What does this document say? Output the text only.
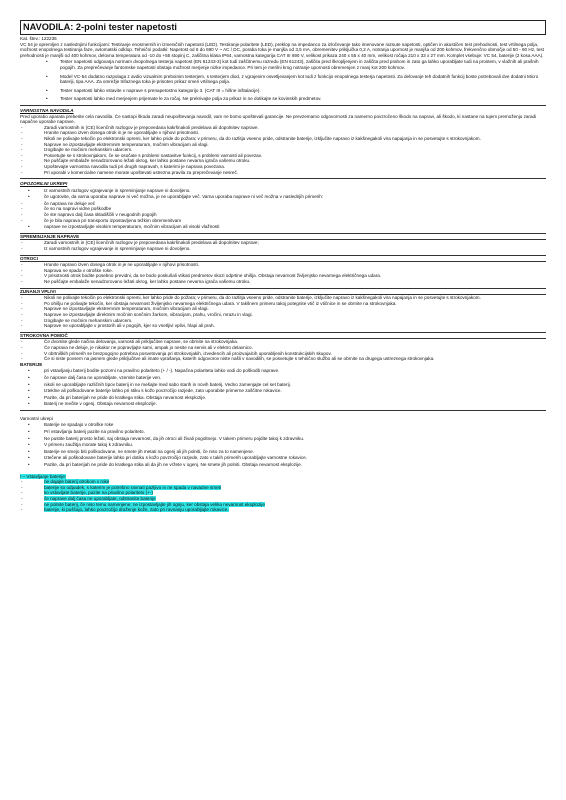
NAVODILA: 2-polni tester napetosti

Kat. štev.: 122235

VC 54 je opremljen z naslednjimi funkcijami: Testiranje enosmernih in izmeničnih napetosti (LED). Testiranje polaritete (LED), preklop na impedanco za izločevanje tako imenovane razsute napetosti, optičen in akustičen test prehodnosti, test vrtilnega polja, možnost enopolnega testiranja faze, avtomatski odklop. Tehnični podatki: Napetost od 6 do 690 V ~ AC / DC, poraba toka je manjša od 3,5 mA, obremenitev priključka 0,2 A, notranja upornost je manjša od 200 kohmov, frekvenčno območje od 50 - 60 Hz, test prehodnosti je manjši od 400 kohmov, delovna temperatura od -10 do +55 stopinj C, zaščitna klasa IP64, varnostna kategorija CAT III 690 V, velikost prikaza 240 x 55 x 40 mm, velikost ročaja 210 x 33 x 27 mm. Komplet vsebuje: VC 54, baterije (2 kosa AAA).

• Tester napetosti odgovarja normam dvopolnega testerja napetost (EN 61243-3) kot tudi zaščitnemu razredu (EN 61243), zaščita pred škropljenjem in zaščita pred prahom in zato ga lahko uporabljate tudi na prostem, v vlažnih ali prašnih pogojih. Za preprečevanje fantomske napetosti obstaja možnost merjenje nizke impedance. Pri tem je merilni krog notranje upornosti obremenjen z manj kot 200 kohmov.
• Model VC-54 dodatno razpolaga z avdio vizualnim preboinim testerjem, s testerjem diod, z vgrajenim osvetljevanjem kot tudi z funkcijo enopolnega testerja napetosti. Za delovanje teh dodatnih funkcij boste potrebovali dve dodatni Micro bateriji, tipa AAA. Za omrežje trifaznega toka je prisoten prikaz smeri vrtilnega polja.
• Tester napetosti lahko vstavite v naprave s prenapetostno kategorijo 3. (CAT III = hišne inštalacije).
• Tester napetosti lahko med merjenjem prijemate le za ročaj. Ne prekrivajte polja za prikaz in ne dotikajte se kovinskih predmetov.
VARNOSTNA NAVODILA

Pred uporabo aparata preberite cela navodila. Če nastopi škoda zaradi neupoštevanja navodil, vam ne bomo upoštevali garancije. Ne prevzemamo odgovornosti za namerno povzročeno škodo na napravi, ali škodo, ki nastane na tujem premoženju zaradi napačne uporabe naprave.

- Zaradi varnostnih in (CE) licenčnih razlogov je prepovedana kakršnakoli predelava ali dopolnitev naprave.
- Hranite napravo izven dosega otrok in je ne uporabljajte v njihovi prisotnosti.
- Nikoli ne polivajte tekočin po elektronski opremi, ker lahko pride do požara; v primeru, da do razlitja vseeno pride, odstranite baterije, izključite napravo iz kakšnegakoli vira napajanja in se posvetujte s strokovnjakom.
- Naprave ne izpostavljajte ekstremnim temperaturam, močnim vibracijam ali vlagi.
- Izogibajte se močnim mehanskim udarcem.
- Posvetujte se s strokovnjakom, če se osočate s problemi nastavitve funkcij, s problemi varnosti ali povezav.
- Ne puščajte embalaže nenadzorovano ležati okrog, ker lahko postane nevarna igrača vašemu otroku.
- Upoštevajte varnostna navodila tudi pri drugih napravah, s katerimi je naprava povezana.
- Pri uporabi v komercialne namene morate upoštevati ustrezna pravila za preprečevanje nesreč.
OPOZORILNI UKREPI
• Iz varnostnih razlogov vgrajevanje in spreminjanje naprave ni dovoljeno.
• če ugotovite, da varna uporaba naprave ni več možna, je ne uporabljajte več. Varna uporaba naprave ni več možna v naslednjih primerih:
- če naprava ne deluje več
- če so na napravi vidne poškodbe
- če ste napravo dalj časa skladiščili v neugodnih pogojih
- če je bila naprava pri transportu izpostavljena težkim obremenitvam
• naprave ne izpostavljajte visokim temperaturam, močnim vibracijam ali visoki vlažnosti
SPREMINJANJE NAPRAVE
- Zaradi varnostnih in (CE) licenčnih razlogov je prepovedana kakršnakoli predelava ali dopolnitev naprave;
- Iz varnostnih razlogov vgrajevanje in spreminjanje naprave ni dovoljeno.
OTROCI
- Hranite napravo izven dosega otrok in je ne uporabljajte v njihovi prisotnosti.
- Naprava ne spada v otroške roke.
- V prisotnosti otrok bodite posebno previdni, da ne bodo poskušali vtikati predmetov skozi odprtine ohišja. Obstaja nevarnost življenjsko nevarnega električnega udara.
- Ne puščajte embalaže nenadzorovano ležati okrog, ker lahko postane nevarna igrača vašemu otroku.
ZUNANJI VPLIVI
- Nikoli ne polivajte tekočin po elektronski opremi, ker lahko pride do požara; v primeru, da do razlitja vseeno pride, odstranite baterije, izključite napravo iz kakšnegakoli vira napajanja in se posvetujte s strokovnjakom.
- Po ohišju ne polivajte tekočin, ker obstaja nevarnost življenjsko nevarnega električnega udara. V takšnem primeru takoj potegnite vtič iz vtičnice in se obrnite na strokovnjaka.
- Naprave ne izpostavljajte ekstremnim temperaturam, močnim vibracijam ali vlagi.
- Naprave ne izpostavljajte direktnim močnim sončnim žarkom, vibracijam, prahu, vročini, mrazu in vlagi.
- Izogibajte se močnim mehanskim udarcem.
- Naprave ne uporabljajte v prostorih ali v pogojih, kjer so vnetljivi vplivi, hlapi ali prah.
STROKOVNA POMOČ
- Če dvomite glede načina delovanja, varnosti ali priključitve naprave, se obrnite na strokovnjaka.
- Če naprava ne deluje, je nikakor ne popravljajte sami, ampak jo nesite na servis ali v elektro delavnico.
- V obrtniških primerih se brezpogojno potrebna posvetovanja pri strokovnjakih, izvedencih ali proizvajalcih uporabljenih konstrukcijskih skupov.
- Če si niste povsem na jasnem glede priključitve ali imate vprašanja, katerih odgovorov niste našli v navodilih, se posvetujte s tehnično službo ali se obrnite na drugega ustreznega strokovnjaka.
BATERIJE
• pri vstavljanju baterij bodite pozorni na pravilno polariteto (+ / -). Napačna polariteta lahko vodi do poškodb naprave.
• če naprave dalj časa ne uporabljate, vzemite baterije ven.
• nikoli ne uporabljajte različnih tipov baterij in ne mešajte med sabo starih in novih baterij. Vedno zamenjajte cel set baterij.
• Izteklne ali poškodovane baterije lahko pri stiku s kožo povzročijo razjede, zato uporabite primerne zaščitne rokavice.
• Pazite, da pri baterijah ne pride do kratkega stika. Obstaja nevarnost eksplozije.
• Baterij ne mečite v ogenj. Obstaja nevarnost eksplozije.

Varnostni ukrepi

• Baterije ne spadajo v otroške roke
• Pri vstavljanju baterij pazite na pravilno polariteto.
• Ne pustite baterij prosto ležati, saj obstaja nevarnost, da jih otroci ali živali pogoltnejo. V takem primeru pojdite takoj k zdravniku.
• V primeru zaužitja morate takoj k zdravniku.
• Baterije ne smejo biti poškodovane, ne smete jih metati na ogenj ali jih polniti, če niso za to namenjene.
• Iztečene ali poškodovane baterije lahko pri dotiku s kožo povzročijo razjede, zato v takih primerih uporabljajte varnostne rokavice.
• Pazite, da pri baterijah ne pride do kratkega stika ali da jih ne vržete v ogenj. Ne smete jih polniti. Obstaja nevarnost eksplozije.
! – Vstavljanje baterije:
- ne dajajte baterij otrokom v roke
- baterije so odpadek, s katerim je potrebno ravnati pazljivo in ne spada v navadne smeti
- ko vstavljate baterije, pazite na pravilno polariteto (+-)
- če naprave dalj časa ne uporabljate, odstranite baterije
- ne polnite baterij, če niso temu namenjene; ne izpostavljajte jih ognju, ker obstaja velika nevarnost eksplozije
- baterije, ki puščajo, lahko povzročijo draženje kože, zato pri ravnanju uporabljajte rokavice.
